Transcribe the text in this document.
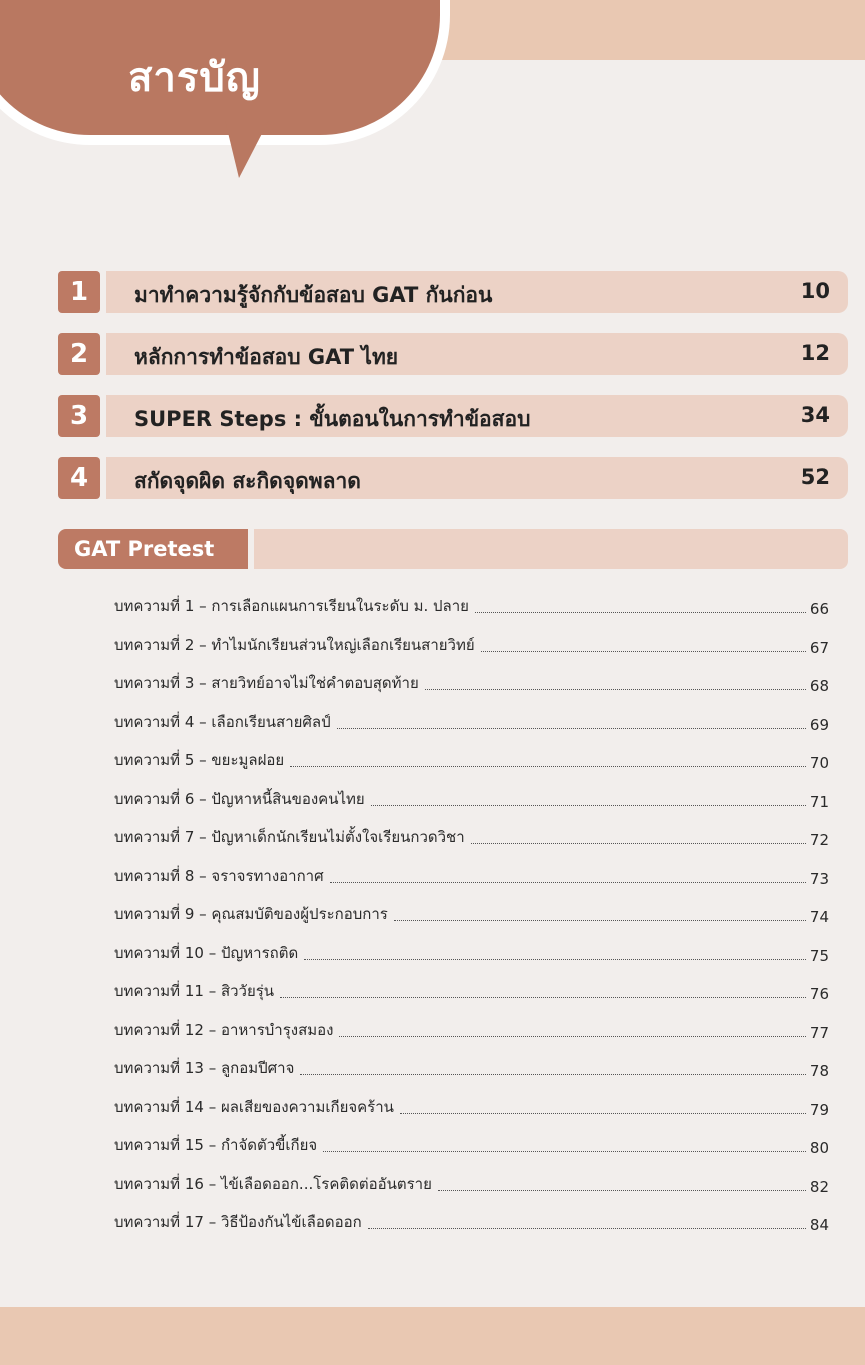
สารบัญ
1	มาทำความรู้จักกับข้อสอบ GAT กันก่อน	10
2	หลักการทำข้อสอบ GAT ไทย	12
3	SUPER Steps : ขั้นตอนในการทำข้อสอบ	34
4	สกัดจุดผิด สะกิดจุดพลาด	52
GAT Pretest
บทความที่ 1 – การเลือกแผนการเรียนในระดับ ม. ปลาย	66
บทความที่ 2 – ทำไมนักเรียนส่วนใหญ่เลือกเรียนสายวิทย์	67
บทความที่ 3 – สายวิทย์อาจไม่ใช่คำตอบสุดท้าย	68
บทความที่ 4 – เลือกเรียนสายศิลป์	69
บทความที่ 5 – ขยะมูลฝอย	70
บทความที่ 6 – ปัญหาหนี้สินของคนไทย	71
บทความที่ 7 – ปัญหาเด็กนักเรียนไม่ตั้งใจเรียนกวดวิชา	72
บทความที่ 8 – จราจรทางอากาศ	73
บทความที่ 9 – คุณสมบัติของผู้ประกอบการ	74
บทความที่ 10 – ปัญหารถติด	75
บทความที่ 11 – สิววัยรุ่น	76
บทความที่ 12 – อาหารบำรุงสมอง	77
บทความที่ 13 – ลูกอมปีศาจ	78
บทความที่ 14 – ผลเสียของความเกียจคร้าน	79
บทความที่ 15 – กำจัดตัวขี้เกียจ	80
บทความที่ 16 – ไข้เลือดออก...โรคติดต่ออันตราย	82
บทความที่ 17 – วิธีป้องกันไข้เลือดออก	84
